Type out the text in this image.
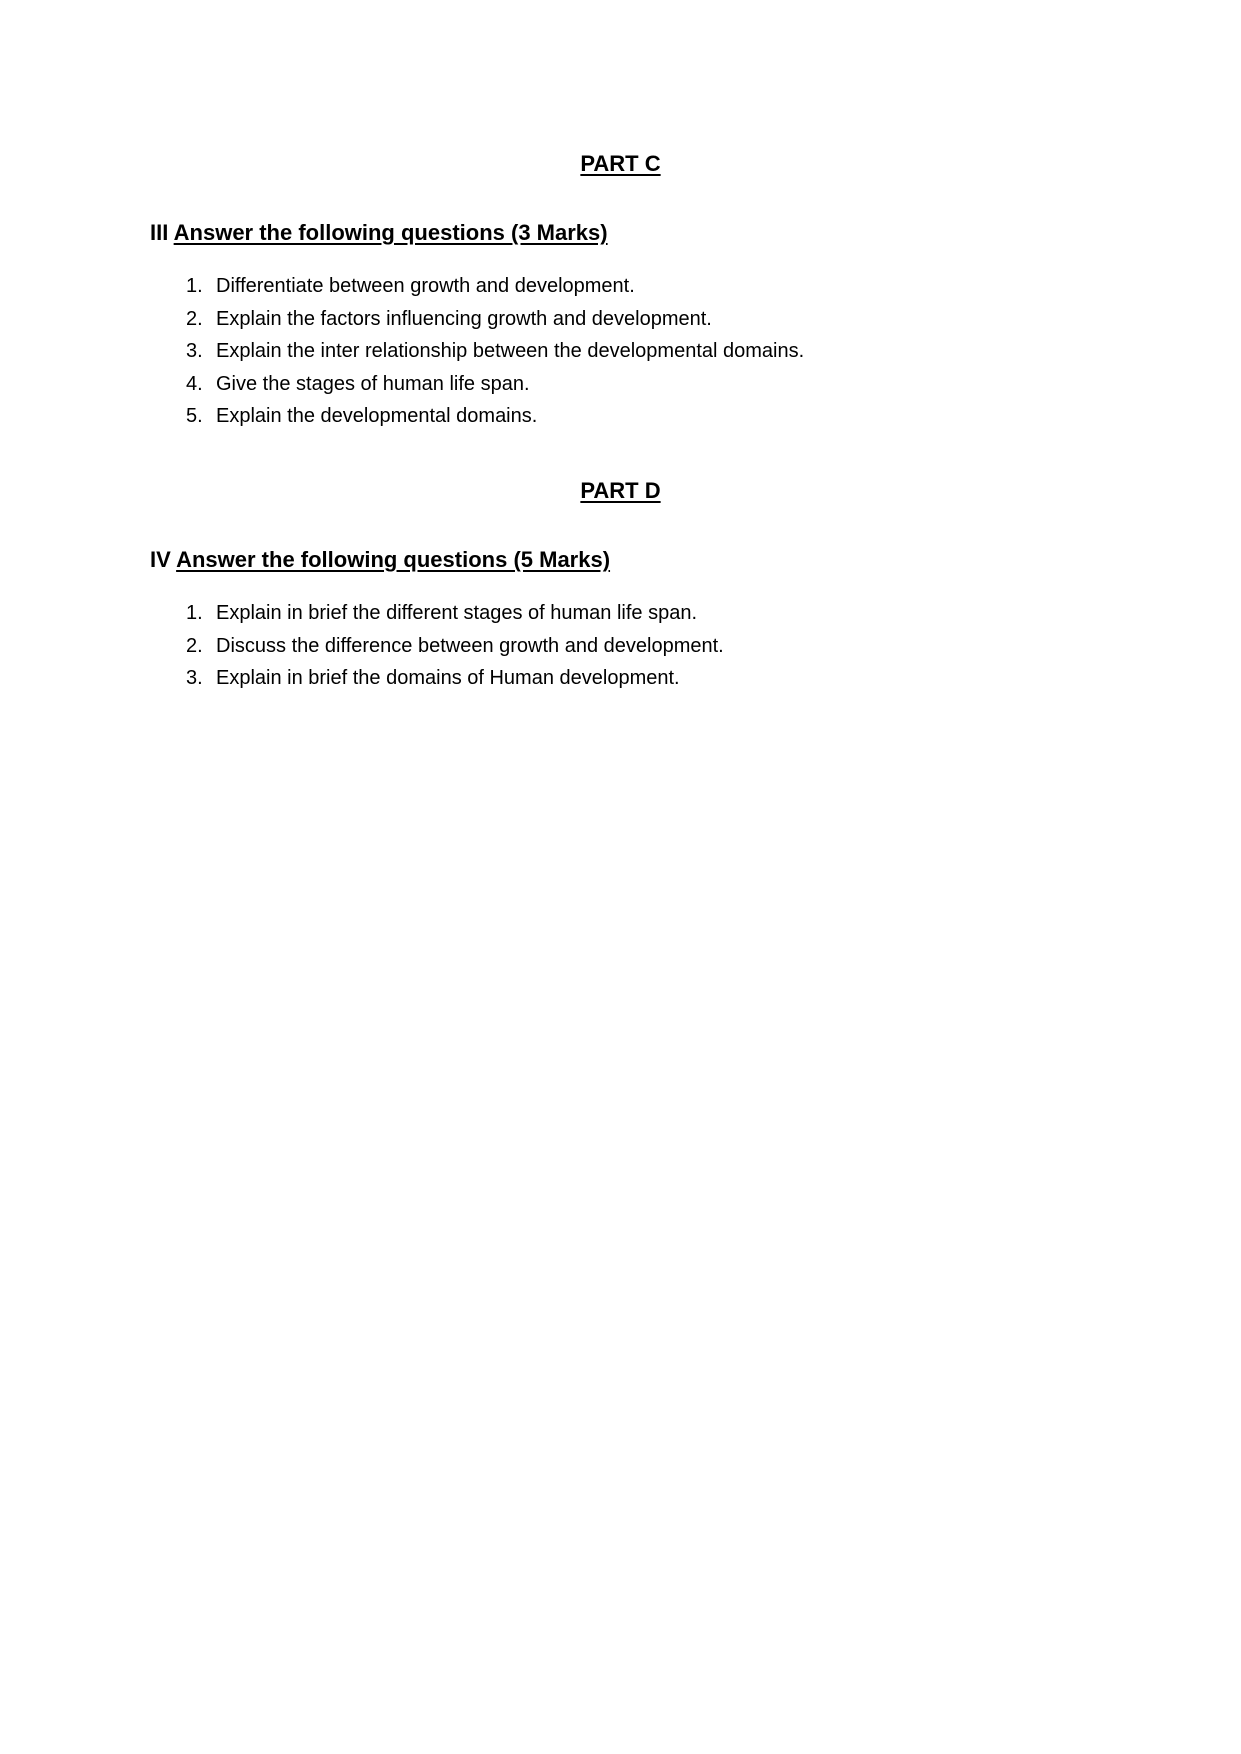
PART C
III Answer the following questions (3 Marks)
1. Differentiate between growth and development.
2. Explain the factors influencing growth and development.
3. Explain the inter relationship between the developmental domains.
4. Give the stages of human life span.
5. Explain the developmental domains.
PART D
IV Answer the following questions (5 Marks)
1. Explain in brief the different stages of human life span.
2. Discuss the difference between growth and development.
3. Explain in brief the domains of Human development.
